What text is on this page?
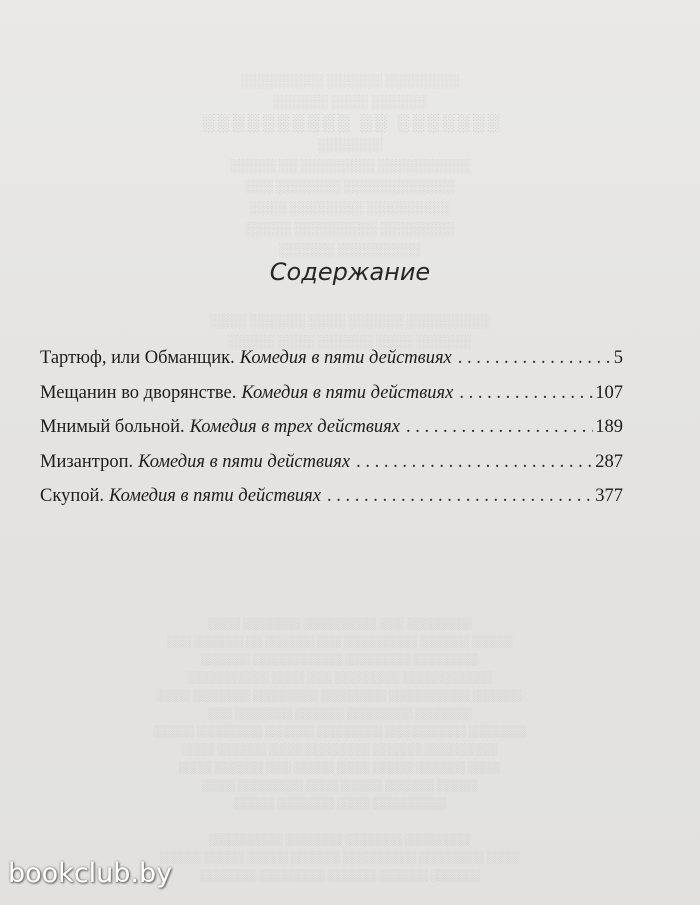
░░░░░░░░ ░░░░░░ ░░░░░░░░░
░░░░░░ ░░░░ ░░░░░░
░░░░░░░ ░░ ░░░░░░░░░░
░░░░░░░
░░░░░░░░░░ ░░░░░░░░ ░░ ░░░░░
░░░░░░░░░░░░ ░░░░░░░ ░░░
░░░░░░░░░ ░░░░░░░░ ░░░░
░░░░░░░░ ░░░░░░░░░ ░░░░░
░░░░░░░░░ ░░░░░░
░░░░░░░░░ ░░░░░░ ░░░░ ░░░░░░ ░░░░
░░░░░░ ░░░░ ░░░░░░ ░░░░ ░░░░░

░░░░░░░░ ░░░ ░░░░░░░░░ ░░░░░░░ ░░░░
░░░░░ ░░░░░░ ░░░░░░░░░ ░░░ ░░░░░░ ░░ ░░░░░░ ░░░
░░░░░░░░ ░░░░░░░░ ░░░░░░░░░░░ ░░░░░░
░░░░░░░░░░░ ░░░░░░░░ ░░░ ░░░░ ░░░░░░░░░░
░░░░░░ ░░░░░░░░░░ ░░░░░░░░ ░░░░░░░░ ░░░░░░░ ░░░░
░░░░░░░ ░░░░░░░░ ░░░░░░ ░░░░░░░ ░░░
░░░░░░░ ░░░░░░░░░░ ░░░░░░░░ ░░░░░░ ░░░░░░░░ ░░░░░
░░░░░░░░░ ░░░░░░ ░░░░░░░░ ░░░░ ░░░░░░ ░░░░
░░░░ ░░░░░░ ░░░░░ ░░░░ ░░░░░ ░░░ ░░░░░░ ░░░░
░░░░░ ░░░░░░ ░░░░░ ░░░░ ░░░░░░░░ ░░░░
░░░░░░░░░ ░░░░ ░░░░░░░ ░░░░░

░░░░░░░░ ░░░░░░░ ░░░░░░░ ░░░░░░░░░
░░░░ ░░░░░░░░ ░░░░░░░░░ ░░░░░░ ░░░░░ ░░░░░ ░░░░░
░░░░░░ ░░░░░░ ░░░░░░ ░░░░░░░░ ░░░░░░░
Содержание
Тартюф, или Обманщик. Комедия в пяти действиях . . .	5
Мещанин во дворянстве. Комедия в пяти действиях . . .	107
Мнимый больной. Комедия в трех действиях . . .	189
Мизантроп. Комедия в пяти действиях . . .	287
Скупой. Комедия в пяти действиях . . .	377
bookclub.by
